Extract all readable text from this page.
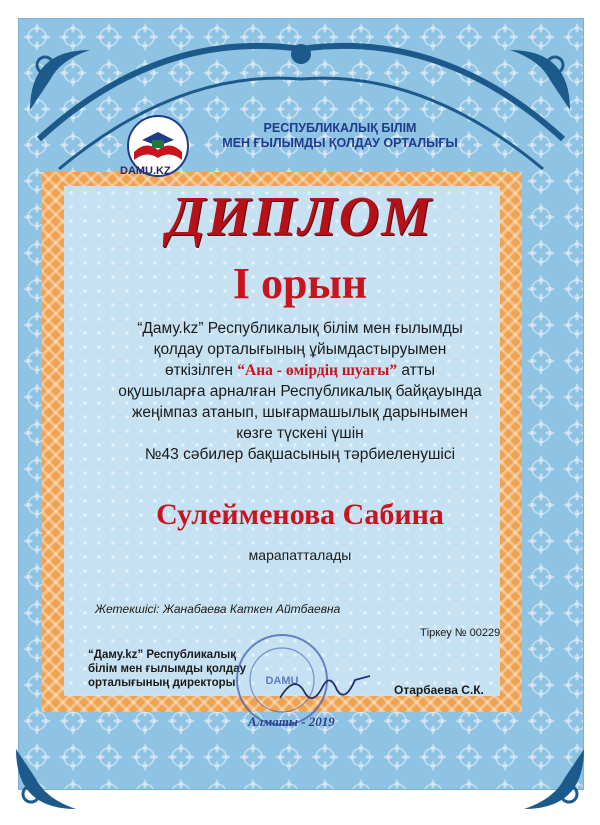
DAMU.KZ
РЕСПУБЛИКАЛЫҚ БІЛІМ
МЕН ҒЫЛЫМДЫ ҚОЛДАУ ОРТАЛЫҒЫ
ДИПЛОМ
І орын
“Даму.kz” Республикалық білім мен ғылымды
қолдау орталығының ұйымдастыруымен
өткізілген “Ана - өмірдің шуағы” атты
оқушыларға арналған Республикалық байқауында
жеңімпаз атанып, шығармашылық дарынымен
көзге түскені үшін
№43 сәбилер бақшасының тәрбиеленушісі
Сулейменова Сабина
марапатталады
Жетекшісі: Жанабаева Каткен Айтбаевна
Тіркеу № 00229
“Даму.kz” Республикалық
білім мен ғылымды қолдау
орталығының директоры	DAMU
Отарбаева С.К.
Алматы - 2019
